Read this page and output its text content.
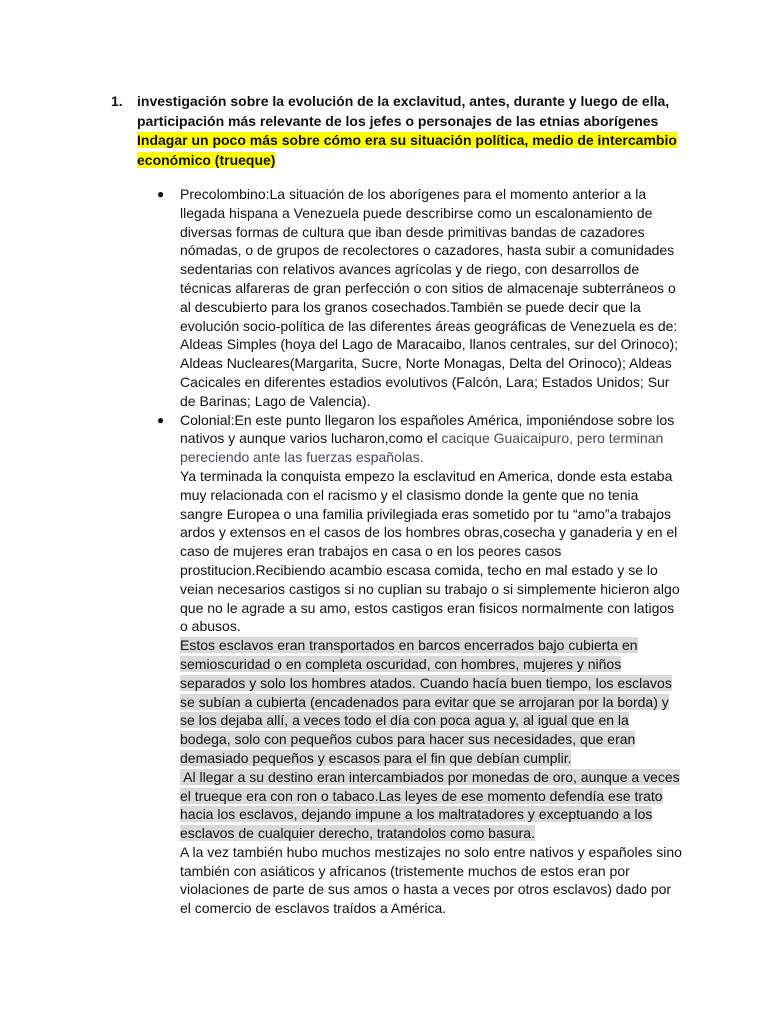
1. investigación sobre la evolución de la exclavitud, antes, durante y luego de ella,
participación más relevante de los jefes o personajes de las etnias aborígenes
Indagar un poco más sobre cómo era su situación política, medio de intercambio
económico (trueque)
● Precolombino:La situación de los aborígenes para el momento anterior a la
llegada hispana a Venezuela puede describirse como un escalonamiento de
diversas formas de cultura que iban desde primitivas bandas de cazadores
nómadas, o de grupos de recolectores o cazadores, hasta subir a comunidades
sedentarias con relativos avances agrícolas y de riego, con desarrollos de
técnicas alfareras de gran perfección o con sitios de almacenaje subterráneos o
al descubierto para los granos cosechados.También se puede decir que la
evolución socio-política de las diferentes áreas geográficas de Venezuela es de:
Aldeas Simples (hoya del Lago de Maracaibo, llanos centrales, sur del Orinoco);
Aldeas Nucleares(Margarita, Sucre, Norte Monagas, Delta del Orinoco); Aldeas
Cacicales en diferentes estadios evolutivos (Falcón, Lara; Estados Unidos; Sur
de Barinas; Lago de Valencia).
● Colonial:En este punto llegaron los españoles América, imponiéndose sobre los
nativos y aunque varios lucharon,como el cacique Guaicaipuro, pero terminan
pereciendo ante las fuerzas españolas.
Ya terminada la conquista empezo la esclavitud en America, donde esta estaba
muy relacionada con el racismo y el clasismo donde la gente que no tenia
sangre Europea o una familia privilegiada eras sometido por tu “amo”a trabajos
ardos y extensos en el casos de los hombres obras,cosecha y ganaderia y en el
caso de mujeres eran trabajos en casa o en los peores casos
prostitucion.Recibiendo acambio escasa comida, techo en mal estado y se lo
veian necesarios castigos si no cuplian su trabajo o si simplemente hicieron algo
que no le agrade a su amo, estos castigos eran fisicos normalmente con latigos
o abusos.
Estos esclavos eran transportados en barcos encerrados bajo cubierta en
semioscuridad o en completa oscuridad, con hombres, mujeres y niños
separados y solo los hombres atados. Cuando hacía buen tiempo, los esclavos
se subían a cubierta (encadenados para evitar que se arrojaran por la borda) y
se los dejaba allí, a veces todo el día con poca agua y, al igual que en la
bodega, solo con pequeños cubos para hacer sus necesidades, que eran
demasiado pequeños y escasos para el fin que debían cumplir.
Al llegar a su destino eran intercambiados por monedas de oro, aunque a veces
el trueque era con ron o tabaco.Las leyes de ese momento defendía ese trato
hacia los esclavos, dejando impune a los maltratadores y exceptuando a los
esclavos de cualquier derecho, tratandolos como basura.
A la vez también hubo muchos mestizajes no solo entre nativos y españoles sino
también con asiáticos y africanos (tristemente muchos de estos eran por
violaciones de parte de sus amos o hasta a veces por otros esclavos) dado por
el comercio de esclavos traídos a América.
